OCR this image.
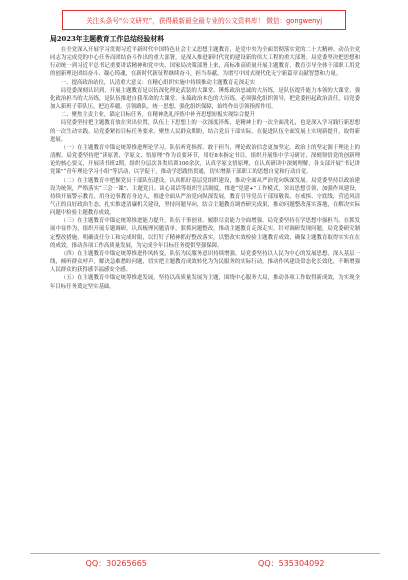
关注头条号“公文研究”，获得最新最全最专业的公文资料库！ 微信：gongwenyj
局2023年主题教育工作总结经验材料
在全党深入开展学习贯彻习近平新时代中国特色社会主义思想主题教育，是党中央为全面贯彻落实党的二十大精神、动员全党同志为完成党的中心任务而团结奋斗作出的重大部署，是深入推进新时代党的建设新的伟大工程的重大部署。局党委坚决把思想和行动统一到习近平总书记重要讲话精神和党中央、国家局决策部署上来，高标准高质量开展主题教育，教育引导全体干部职工用党的创新理论团结奋斗、凝心铸魂，在新时代新征程继续奋斗，担当奉献，为谱写中国式现代化无宁新篇章贡献智慧和力量。
一、提高政治站位，认清重大意义：在精心组织实施中持续推动主题教育走深走实
局党委深刻认识到，开展主题教育是以伍深化理论武装的大课堂、锤炼政治忠诚的大历练，是队伍提升能力本领的大课堂、强化政治担当的大历练，是队伍推进自我革命的大课堂、永葆政治本色的大历练。必须强化组织领导，把党委担起政治责任，局党委加入新班子带队压，把边养疆，引领路队，统一思想，强化组织保障，始终作出引领指挥作用。
二、聚焦主责主业，锚定目标任务，在精神洗礼淬炼中补齐思想短板实现综合提升
局党委坚持把主题教育放在突出位置，队伍上下思想上的一次深度淬炼，是精神上的一次全面洗礼，也是深入学习践行新思想的一次生动实践。局党委紧扣目标任务要求，聚焦人民群众期盼，结合党员干部实际，在促进队伍全面发展上实现新提升，取得新进展。
（一）在主题教育中锚定统筹推进理论学习，队伍听党指挥、敢于担当，理论政治信念更加坚定。政治上的坚定源于理论上的清醒。局党委坚持把“读原著、学原文、悟原理”作为首要环节，用好8本指定书目，组织开展集中学习研讨，深刻领悟党的创新理论的核心要义，开展读书班2期，组织分层次各类培训100余次，认真学原文悟原理，在认真研读中深刻理解，各支部开展“书记讲党课”“青年理论学习小组”等活动，以学促干，推动学思践悟贯通，切实增强干部职工的思想自觉和行动自觉。
（二）在主题教育中把握党员干部队伍建设，认真抓好基层党组织建设，推动全面从严治党向纵深发展。局党委坚持以政治建设为统领，严格落实“三会一课”、主题党日、谈心谈话等组织生活制度，推进“党建+”工作模式，突出思想引领，加强作风建设，持续开展警示教育，用身边事教育身边人，推进全面从严治党向纵深发展，教育引导党员干部知敬畏、存戒惧、守底线，营造风清气正的良好政治生态，扎实推进清廉机关建设，坚持问题导向，结合主题教育调查研究成果，推动问题整改落实落地，在解决实际问题中检验主题教育成效。
（三）在主题教育中锚定统筹推进能力提升，队伍干事创业、履职尽责能力全面增强。局党委坚持在学思想中强担当、在抓发展中显作为，组织开展专题调研，认真梳理问题清单，狠抓问题整改，推动主题教育走深走实。针对调研发现问题，局党委研究制定整改措施，明确责任分工和完成时限，以钉钉子精神抓好整改落实，以整改实效检验主题教育成效，确保主题教育取得实实在在的成效，推动各项工作高质量发展，为完成全年目标任务提供坚强保障。
（四）在主题教育中锚定统筹推进作风转变，队伍为民服务意识持续增强。局党委坚持以人民为中心的发展思想，深入基层一线，倾听群众呼声，解决急难愁盼问题，切实把主题教育成效转化为为民服务的实际行动，推动作风建设常态化长效化，不断增强人民群众的获得感幸福感安全感。
（五）在主题教育中锚定统筹推进发展，坚持以高质量发展为主题，围绕中心服务大局，推动各项工作取得新成效，为实现全年目标任务奠定坚实基础。
QQ：30265665	QQ：535304092
